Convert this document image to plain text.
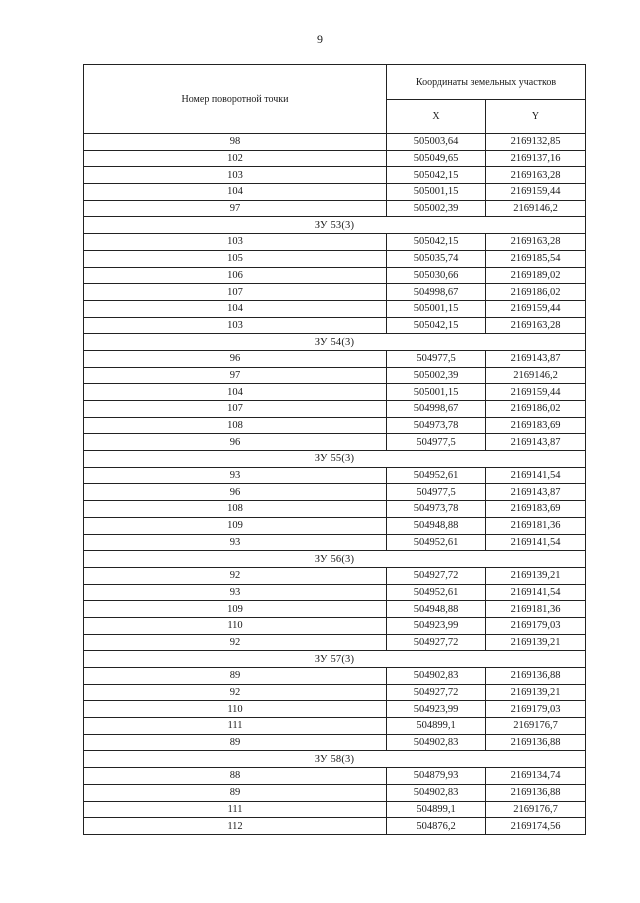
9
Номер поворотной точки	Координаты земельных участков	
	X	Y
98	505003,64	2169132,85
102	505049,65	2169137,16
103	505042,15	2169163,28
104	505001,15	2169159,44
97	505002,39	2169146,2
ЗУ 53(3)		
103	505042,15	2169163,28
105	505035,74	2169185,54
106	505030,66	2169189,02
107	504998,67	2169186,02
104	505001,15	2169159,44
103	505042,15	2169163,28
ЗУ 54(3)		
96	504977,5	2169143,87
97	505002,39	2169146,2
104	505001,15	2169159,44
107	504998,67	2169186,02
108	504973,78	2169183,69
96	504977,5	2169143,87
ЗУ 55(3)		
93	504952,61	2169141,54
96	504977,5	2169143,87
108	504973,78	2169183,69
109	504948,88	2169181,36
93	504952,61	2169141,54
ЗУ 56(3)		
92	504927,72	2169139,21
93	504952,61	2169141,54
109	504948,88	2169181,36
110	504923,99	2169179,03
92	504927,72	2169139,21
ЗУ 57(3)		
89	504902,83	2169136,88
92	504927,72	2169139,21
110	504923,99	2169179,03
111	504899,1	2169176,7
89	504902,83	2169136,88
ЗУ 58(3)		
88	504879,93	2169134,74
89	504902,83	2169136,88
111	504899,1	2169176,7
112	504876,2	2169174,56
